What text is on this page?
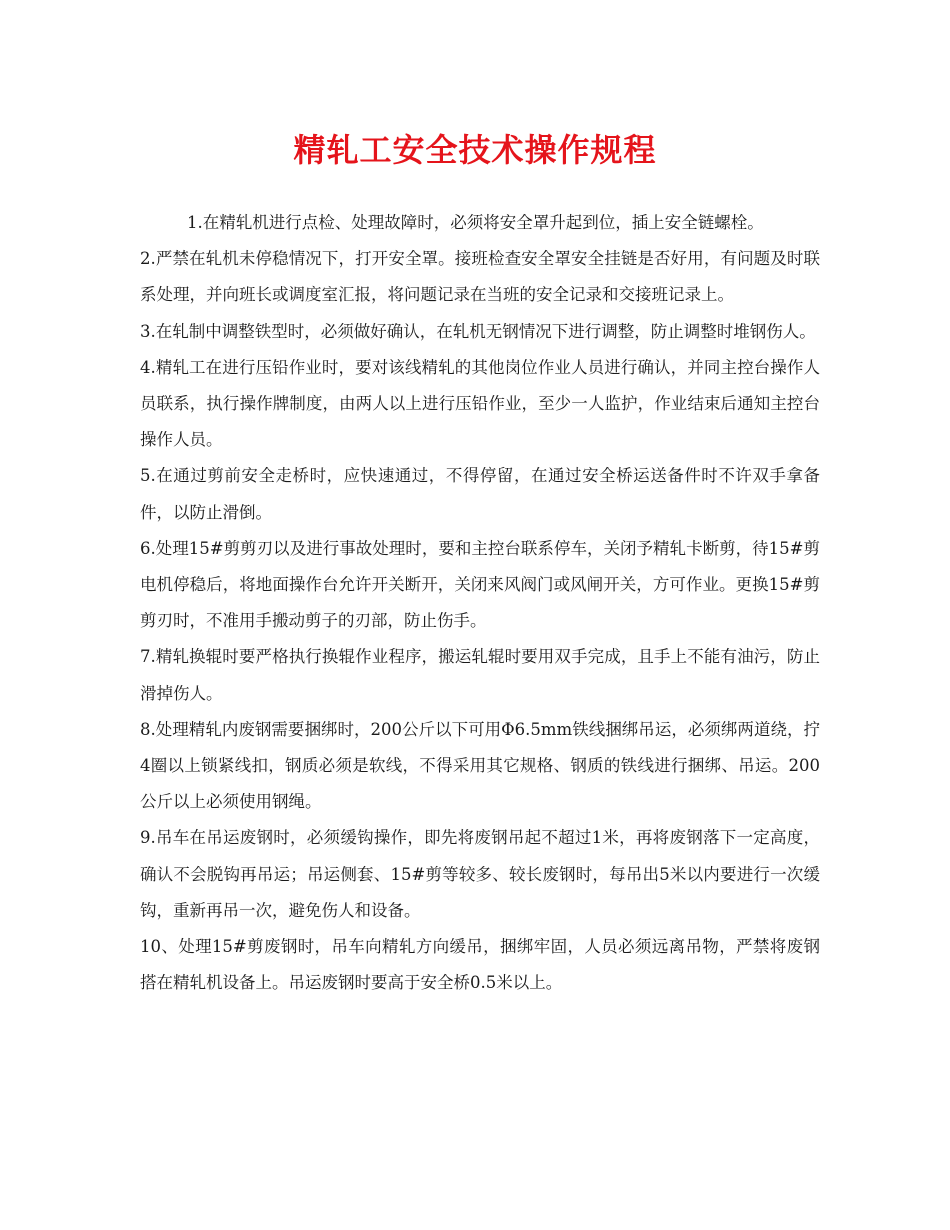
精轧工安全技术操作规程

1.在精轧机进行点检、处理故障时，必须将安全罩升起到位，插上安全链螺栓。

2.严禁在轧机未停稳情况下，打开安全罩。接班检查安全罩安全挂链是否好用，有问题及时联系处理，并向班长或调度室汇报，将问题记录在当班的安全记录和交接班记录上。

3.在轧制中调整铁型时，必须做好确认，在轧机无钢情况下进行调整，防止调整时堆钢伤人。

4.精轧工在进行压铅作业时，要对该线精轧的其他岗位作业人员进行确认，并同主控台操作人员联系，执行操作牌制度，由两人以上进行压铅作业，至少一人监护，作业结束后通知主控台操作人员。

5.在通过剪前安全走桥时，应快速通过，不得停留，在通过安全桥运送备件时不许双手拿备件，以防止滑倒。

6.处理15#剪剪刃以及进行事故处理时，要和主控台联系停车，关闭予精轧卡断剪，待15#剪电机停稳后，将地面操作台允许开关断开，关闭来风阀门或风闸开关，方可作业。更换15#剪剪刃时，不准用手搬动剪子的刃部，防止伤手。

7.精轧换辊时要严格执行换辊作业程序，搬运轧辊时要用双手完成，且手上不能有油污，防止滑掉伤人。

8.处理精轧内废钢需要捆绑时，200公斤以下可用Φ6.5mm铁线捆绑吊运，必须绑两道绕，拧4圈以上锁紧线扣，钢质必须是软线，不得采用其它规格、钢质的铁线进行捆绑、吊运。200公斤以上必须使用钢绳。

9.吊车在吊运废钢时，必须缓钩操作，即先将废钢吊起不超过1米，再将废钢落下一定高度，确认不会脱钩再吊运；吊运侧套、15#剪等较多、较长废钢时，每吊出5米以内要进行一次缓钩，重新再吊一次，避免伤人和设备。

10、处理15#剪废钢时，吊车向精轧方向缓吊，捆绑牢固，人员必须远离吊物，严禁将废钢搭在精轧机设备上。吊运废钢时要高于安全桥0.5米以上。
